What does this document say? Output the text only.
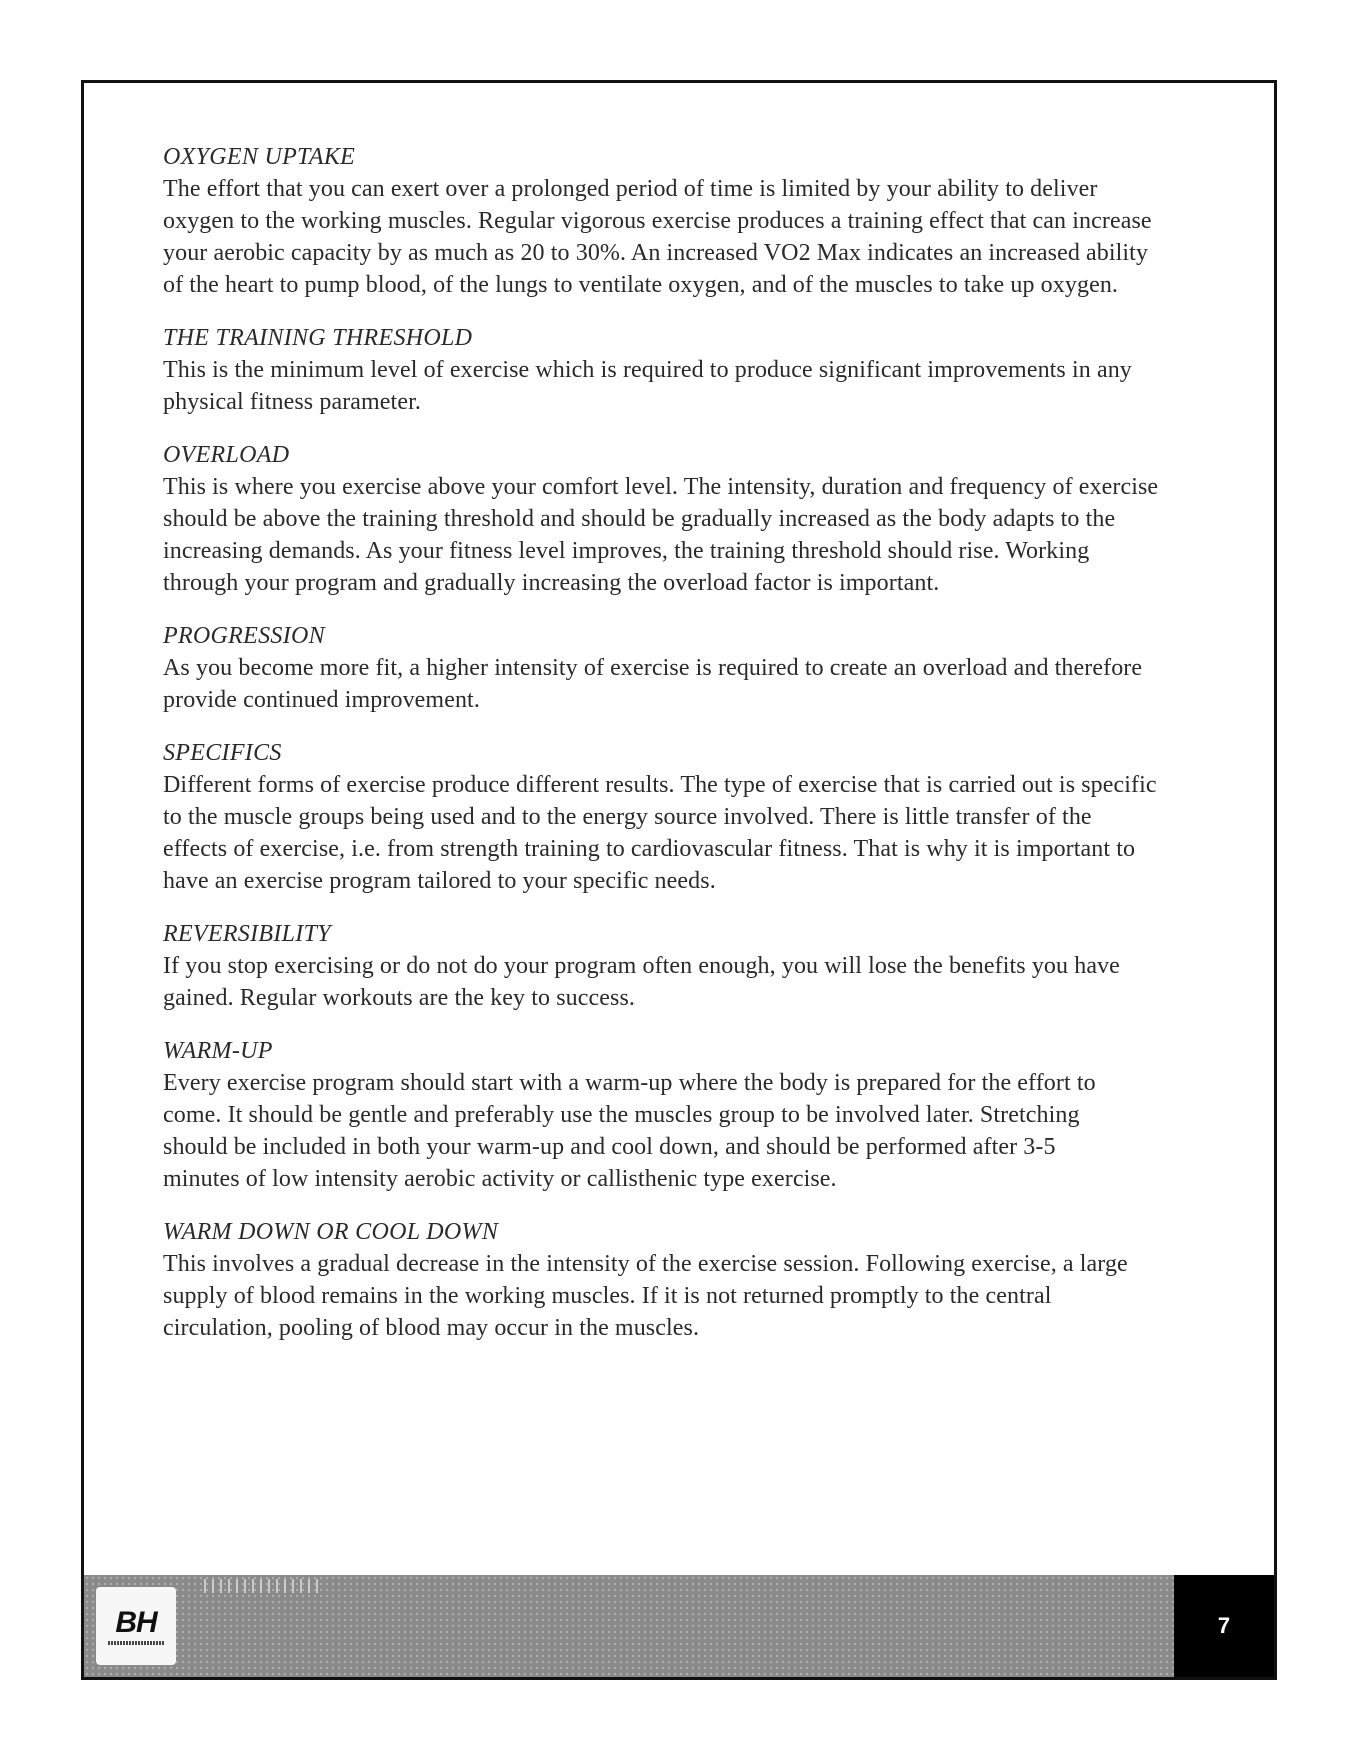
OXYGEN UPTAKE
The effort that you can exert over a prolonged period of time is limited by your ability to deliver
oxygen to the working muscles. Regular vigorous exercise produces a training effect that can increase
your aerobic capacity by as much as 20 to 30%. An increased VO2 Max indicates an increased ability
of the heart to pump blood, of the lungs to ventilate oxygen, and of the muscles to take up oxygen.
THE TRAINING THRESHOLD
This is the minimum level of exercise which is required to produce significant improvements in any
physical fitness parameter.
OVERLOAD
This is where you exercise above your comfort level. The intensity, duration and frequency of exercise
should be above the training threshold and should be gradually increased as the body adapts to the
increasing demands. As your fitness level improves, the training threshold should rise. Working
through your program and gradually increasing the overload factor is important.
PROGRESSION
As you become more fit, a higher intensity of exercise is required to create an overload and therefore
provide continued improvement.
SPECIFICS
Different forms of exercise produce different results. The type of exercise that is carried out is specific
to the muscle groups being used and to the energy source involved. There is little transfer of the
effects of exercise, i.e. from strength training to cardiovascular fitness. That is why it is important to
have an exercise program tailored to your specific needs.
REVERSIBILITY
If you stop exercising or do not do your program often enough, you will lose the benefits you have
gained. Regular workouts are the key to success.
WARM-UP
Every exercise program should start with a warm-up where the body is prepared for the effort to
come. It should be gentle and preferably use the muscles group to be involved later. Stretching
should be included in both your warm-up and cool down, and should be performed after 3-5
minutes of low intensity aerobic activity or callisthenic type exercise.
WARM DOWN OR COOL DOWN
This involves a gradual decrease in the intensity of the exercise session. Following exercise, a large
supply of blood remains in the working muscles. If it is not returned promptly to the central
circulation, pooling of blood may occur in the muscles.
BH	7
